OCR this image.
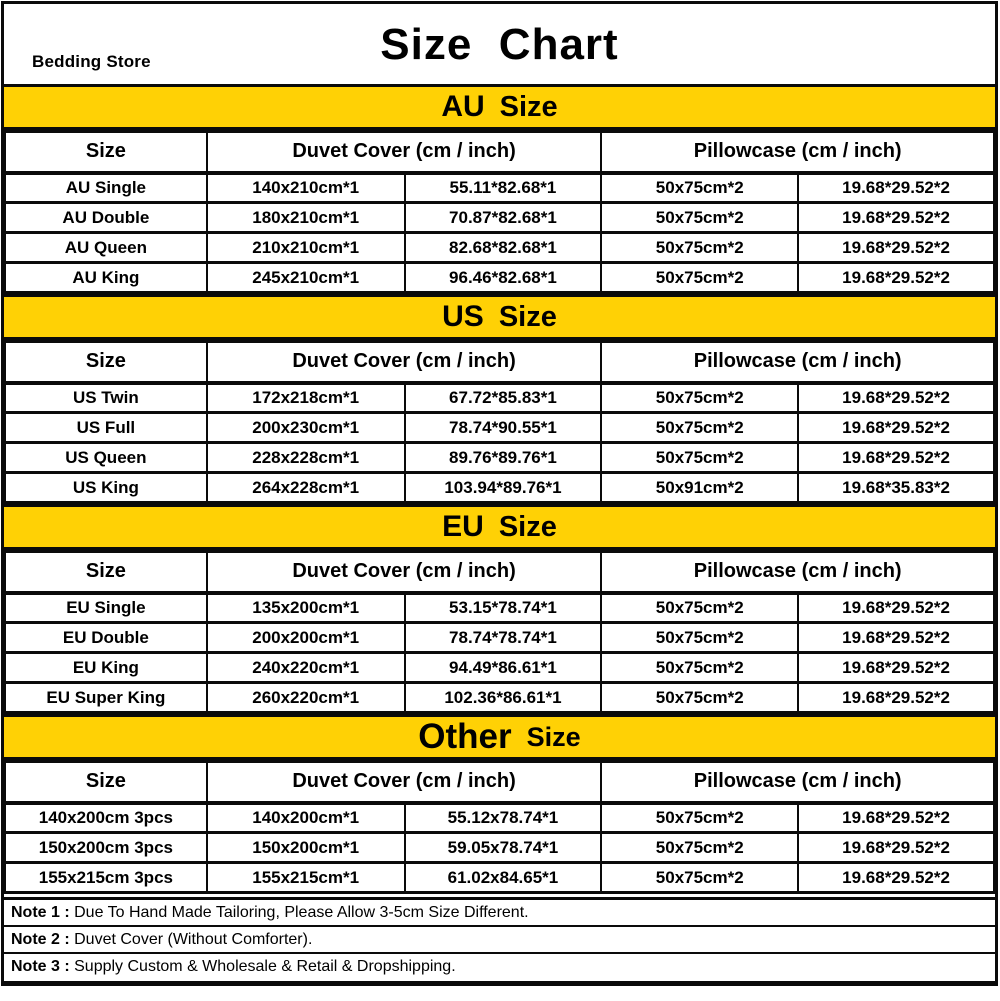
Bedding Store	Size  Chart
AU Size
Size	Duvet Cover (cm / inch)		Pillowcase (cm / inch)	
AU Single	140x210cm*1	55.11*82.68*1	50x75cm*2	19.68*29.52*2
AU Double	180x210cm*1	70.87*82.68*1	50x75cm*2	19.68*29.52*2
AU Queen	210x210cm*1	82.68*82.68*1	50x75cm*2	19.68*29.52*2
AU King	245x210cm*1	96.46*82.68*1	50x75cm*2	19.68*29.52*2
US Size
Size	Duvet Cover (cm / inch)		Pillowcase (cm / inch)	
US Twin	172x218cm*1	67.72*85.83*1	50x75cm*2	19.68*29.52*2
US Full	200x230cm*1	78.74*90.55*1	50x75cm*2	19.68*29.52*2
US Queen	228x228cm*1	89.76*89.76*1	50x75cm*2	19.68*29.52*2
US King	264x228cm*1	103.94*89.76*1	50x91cm*2	19.68*35.83*2
EU Size
Size	Duvet Cover (cm / inch)		Pillowcase (cm / inch)	
EU Single	135x200cm*1	53.15*78.74*1	50x75cm*2	19.68*29.52*2
EU Double	200x200cm*1	78.74*78.74*1	50x75cm*2	19.68*29.52*2
EU King	240x220cm*1	94.49*86.61*1	50x75cm*2	19.68*29.52*2
EU Super King	260x220cm*1	102.36*86.61*1	50x75cm*2	19.68*29.52*2
Other Size
Size	Duvet Cover (cm / inch)		Pillowcase (cm / inch)	
140x200cm 3pcs	140x200cm*1	55.12x78.74*1	50x75cm*2	19.68*29.52*2
150x200cm 3pcs	150x200cm*1	59.05x78.74*1	50x75cm*2	19.68*29.52*2
155x215cm 3pcs	155x215cm*1	61.02x84.65*1	50x75cm*2	19.68*29.52*2
Note 1 : Due To Hand Made Tailoring, Please Allow 3-5cm Size Different.
Note 2 : Duvet Cover (Without Comforter).
Note 3 : Supply Custom & Wholesale & Retail & Dropshipping.
